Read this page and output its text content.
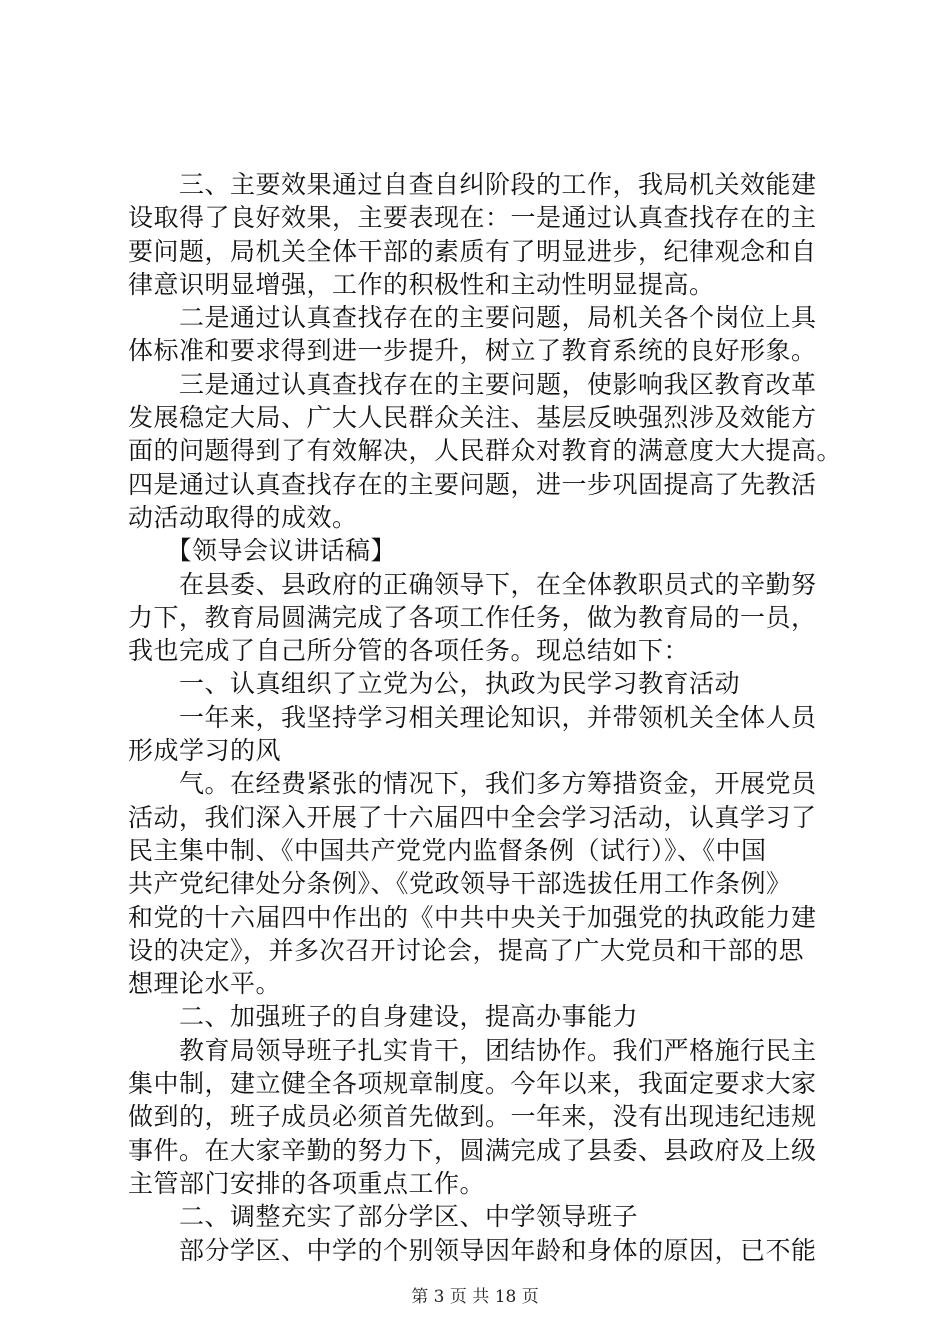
　　三、主要效果通过自查自纠阶段的工作，我局机关效能建
设取得了良好效果，主要表现在：一是通过认真查找存在的主
要问题，局机关全体干部的素质有了明显进步，纪律观念和自
律意识明显增强，工作的积极性和主动性明显提高。
　　二是通过认真查找存在的主要问题，局机关各个岗位上具
体标准和要求得到进一步提升，树立了教育系统的良好形象。
　　三是通过认真查找存在的主要问题，使影响我区教育改革
发展稳定大局、广大人民群众关注、基层反映强烈涉及效能方
面的问题得到了有效解决，人民群众对教育的满意度大大提高。
四是通过认真查找存在的主要问题，进一步巩固提高了先教活
动活动取得的成效。
　　【领导会议讲话稿】
　　在县委、县政府的正确领导下，在全体教职员式的辛勤努
力下，教育局圆满完成了各项工作任务，做为教育局的一员，
我也完成了自己所分管的各项任务。现总结如下：
　　一、认真组织了立党为公，执政为民学习教育活动
　　一年来，我坚持学习相关理论知识，并带领机关全体人员
形成学习的风
　　气。在经费紧张的情况下，我们多方筹措资金，开展党员
活动，我们深入开展了十六届四中全会学习活动，认真学习了
民主集中制、《中国共产党党内监督条例（试行）》、《中国
共产党纪律处分条例》、《党政领导干部选拔任用工作条例》
和党的十六届四中作出的《中共中央关于加强党的执政能力建
设的决定》，并多次召开讨论会，提高了广大党员和干部的思
想理论水平。
　　二、加强班子的自身建设，提高办事能力
　　教育局领导班子扎实肯干，团结协作。我们严格施行民主
集中制，建立健全各项规章制度。今年以来，我面定要求大家
做到的，班子成员必须首先做到。一年来，没有出现违纪违规
事件。在大家辛勤的努力下，圆满完成了县委、县政府及上级
主管部门安排的各项重点工作。
　　二、调整充实了部分学区、中学领导班子
　　部分学区、中学的个别领导因年龄和身体的原因，已不能
第 3 页 共 18 页
